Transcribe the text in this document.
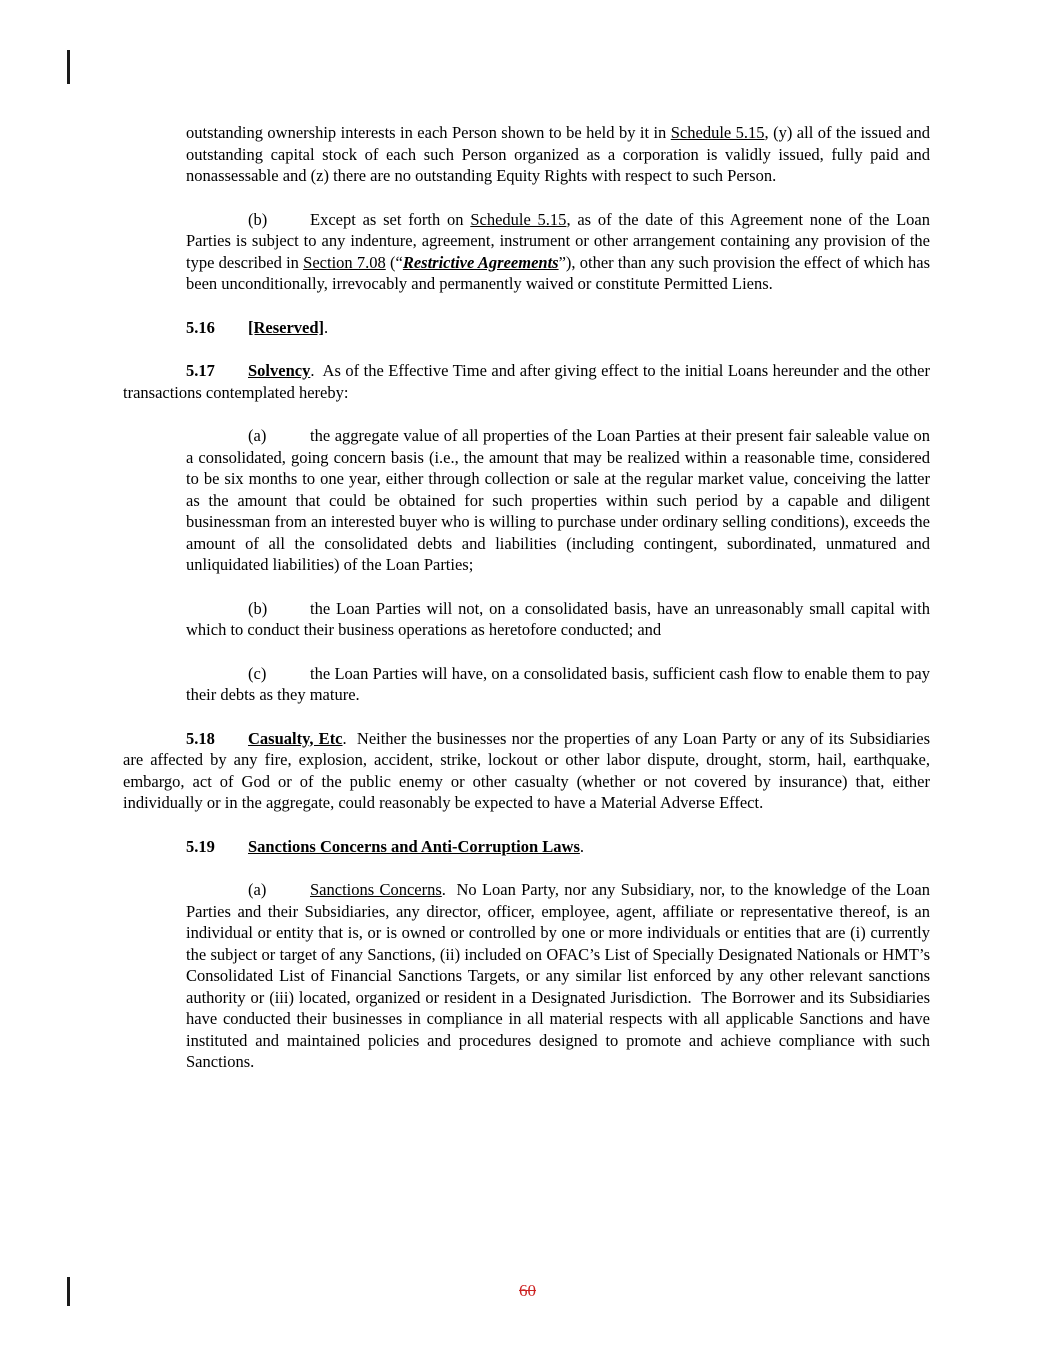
outstanding ownership interests in each Person shown to be held by it in Schedule 5.15, (y) all of the issued and outstanding capital stock of each such Person organized as a corporation is validly issued, fully paid and nonassessable and (z) there are no outstanding Equity Rights with respect to such Person.
(b)	Except as set forth on Schedule 5.15, as of the date of this Agreement none of the Loan Parties is subject to any indenture, agreement, instrument or other arrangement containing any provision of the type described in Section 7.08 (“Restrictive Agreements”), other than any such provision the effect of which has been unconditionally, irrevocably and permanently waived or constitute Permitted Liens.
5.16 [Reserved].
5.17 Solvency.  As of the Effective Time and after giving effect to the initial Loans hereunder and the other transactions contemplated hereby:
(a)	the aggregate value of all properties of the Loan Parties at their present fair saleable value on a consolidated, going concern basis (i.e., the amount that may be realized within a reasonable time, considered to be six months to one year, either through collection or sale at the regular market value, conceiving the latter as the amount that could be obtained for such properties within such period by a capable and diligent businessman from an interested buyer who is willing to purchase under ordinary selling conditions), exceeds the amount of all the consolidated debts and liabilities (including contingent, subordinated, unmatured and unliquidated liabilities) of the Loan Parties;
(b)	the Loan Parties will not, on a consolidated basis, have an unreasonably small capital with which to conduct their business operations as heretofore conducted; and
(c)	the Loan Parties will have, on a consolidated basis, sufficient cash flow to enable them to pay their debts as they mature.
5.18 Casualty, Etc.  Neither the businesses nor the properties of any Loan Party or any of its Subsidiaries are affected by any fire, explosion, accident, strike, lockout or other labor dispute, drought, storm, hail, earthquake, embargo, act of God or of the public enemy or other casualty (whether or not covered by insurance) that, either individually or in the aggregate, could reasonably be expected to have a Material Adverse Effect.
5.19 Sanctions Concerns and Anti-Corruption Laws.
(a)	Sanctions Concerns.  No Loan Party, nor any Subsidiary, nor, to the knowledge of the Loan Parties and their Subsidiaries, any director, officer, employee, agent, affiliate or representative thereof, is an individual or entity that is, or is owned or controlled by one or more individuals or entities that are (i) currently the subject or target of any Sanctions, (ii) included on OFAC’s List of Specially Designated Nationals or HMT’s Consolidated List of Financial Sanctions Targets, or any similar list enforced by any other relevant sanctions authority or (iii) located, organized or resident in a Designated Jurisdiction.  The Borrower and its Subsidiaries have conducted their businesses in compliance in all material respects with all applicable Sanctions and have instituted and maintained policies and procedures designed to promote and achieve compliance with such Sanctions.
60
